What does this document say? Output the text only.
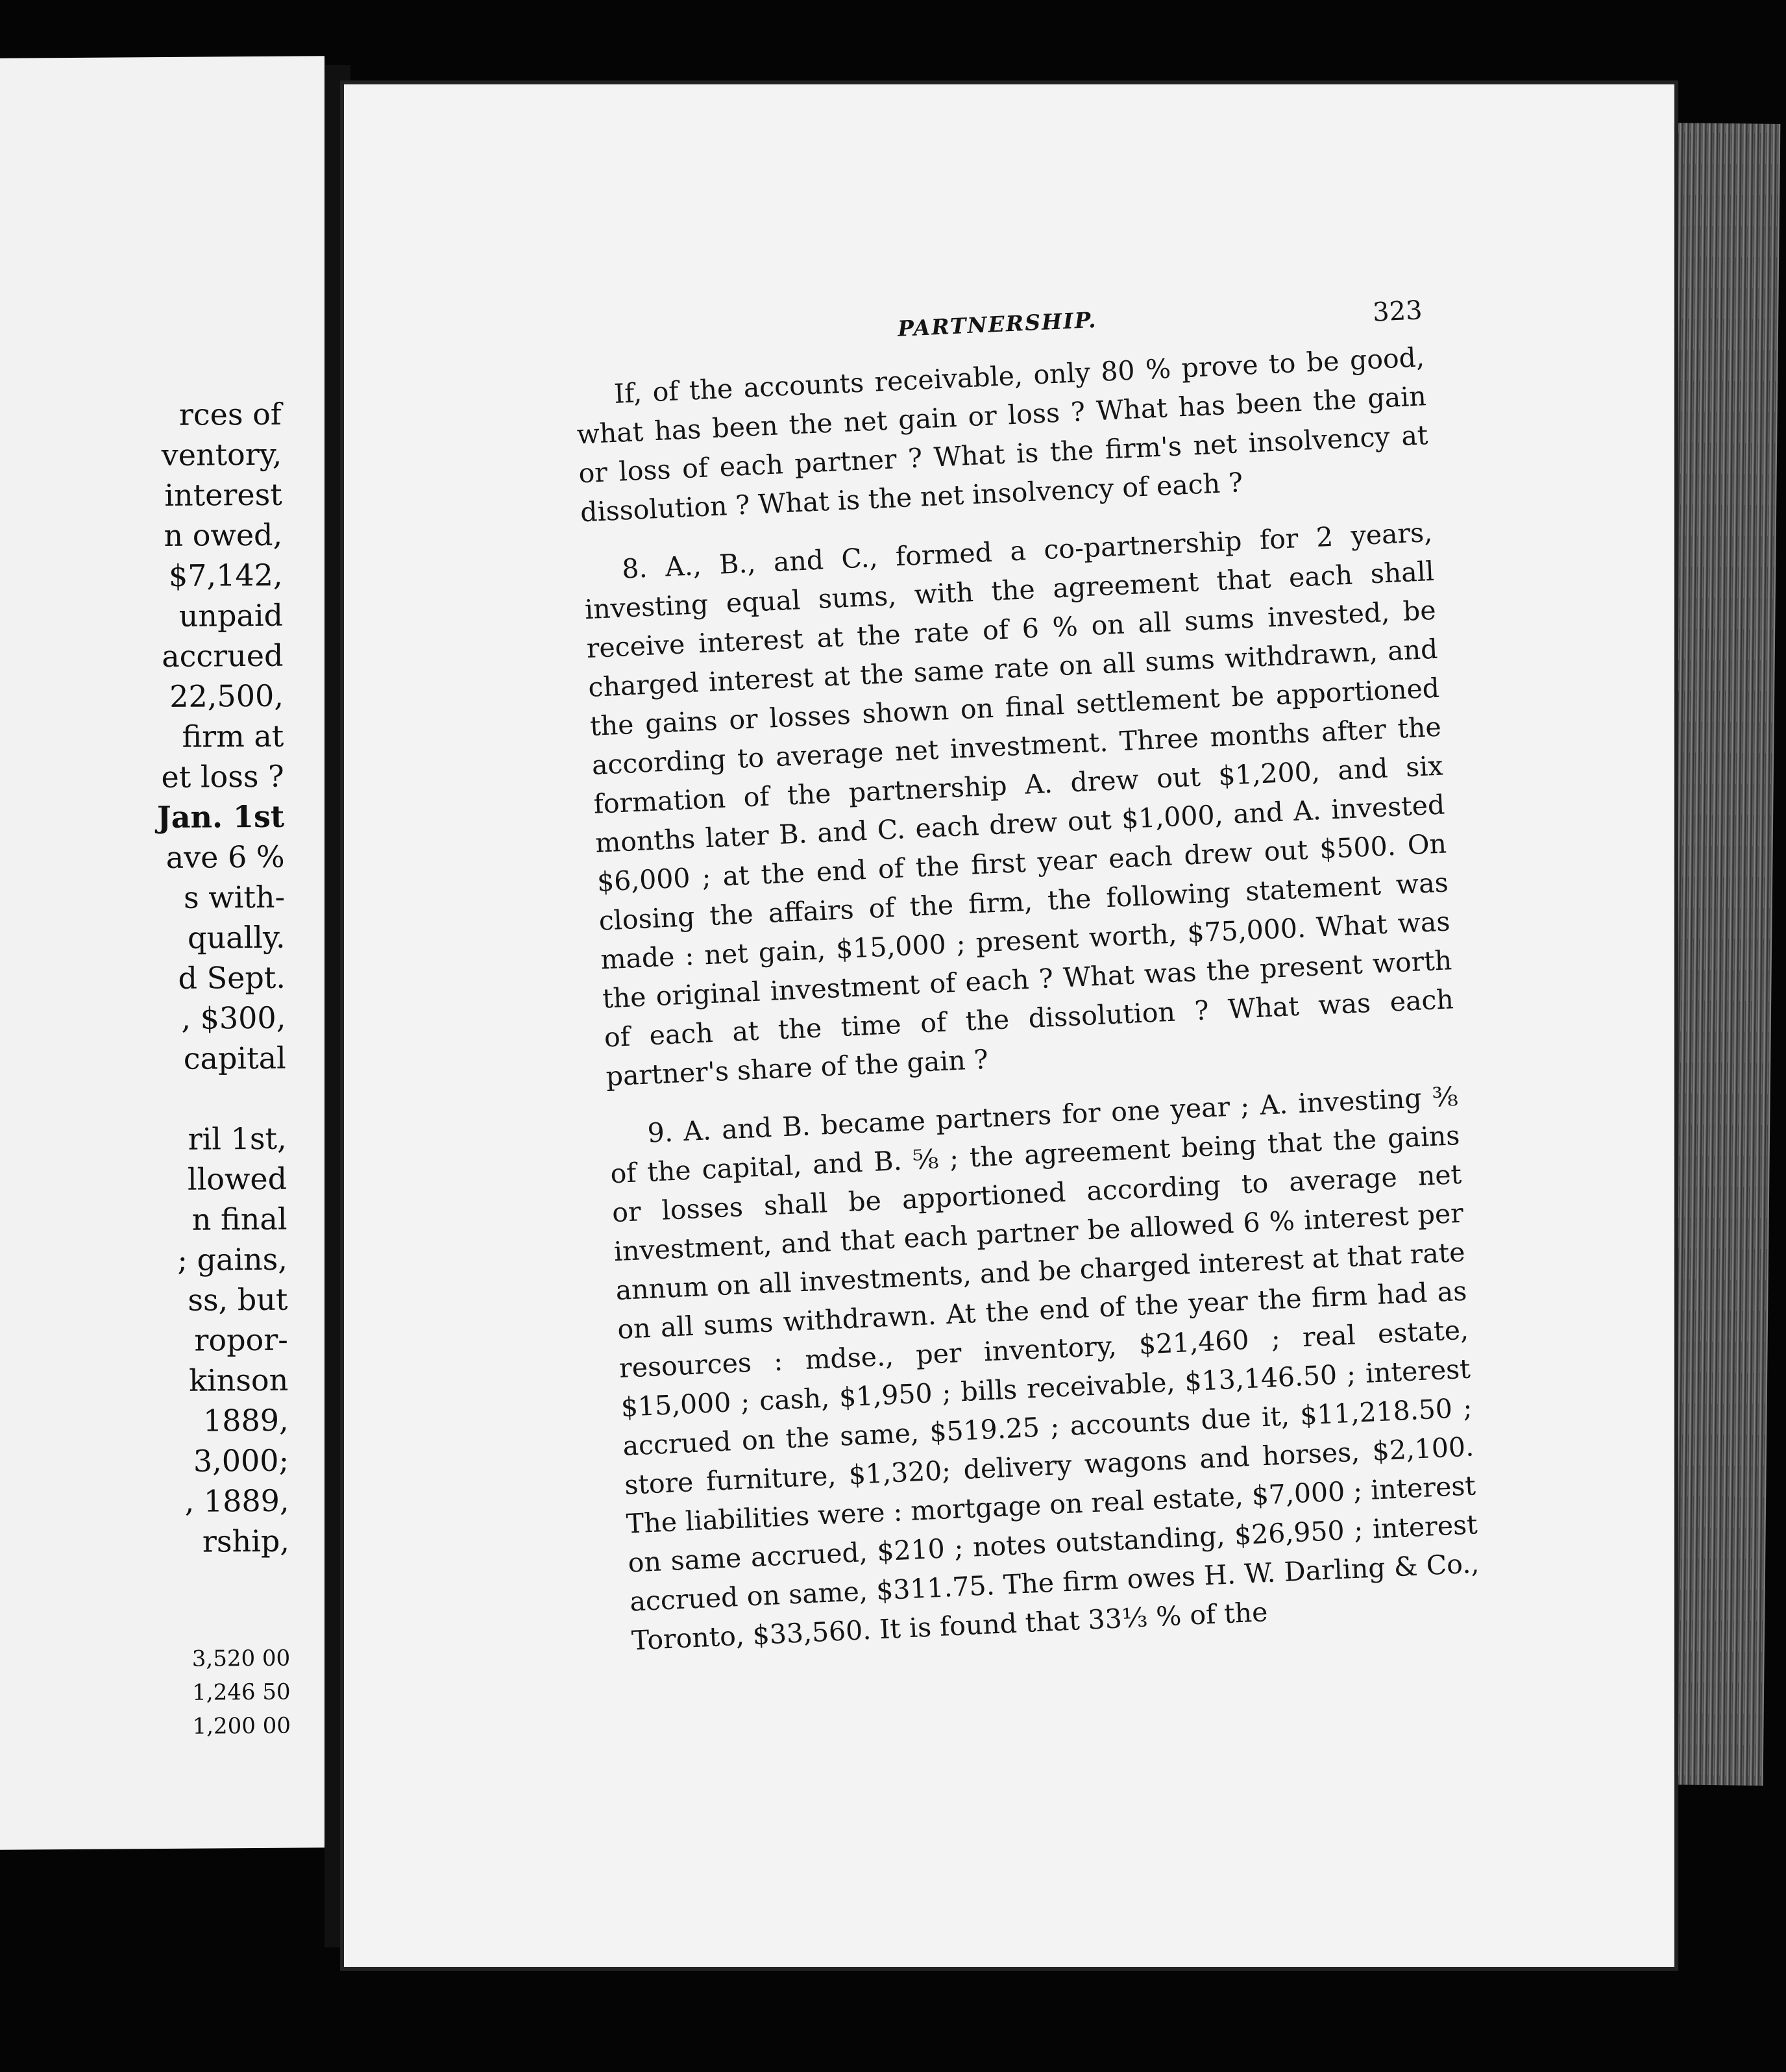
rces of
ventory,
interest
n owed,
$7,142,
unpaid
accrued
22,500,
firm at
et loss ?
Jan. 1st
ave 6 %
s with-
qually.
d Sept.
, $300,
capital
ril 1st,
llowed
n final
; gains,
ss, but
ropor-
kinson
1889,
3,000;
, 1889,
rship,
3,520 00
1,246 50
1,200 00
PARTNERSHIP.	323

If, of the accounts receivable, only 80 % prove to be good, what has been the net gain or loss ? What has been the gain or loss of each partner ? What is the firm's net insolvency at dissolution ? What is the net insolvency of each ?

8. A., B., and C., formed a co-partnership for 2 years, investing equal sums, with the agreement that each shall receive interest at the rate of 6 % on all sums invested, be charged interest at the same rate on all sums withdrawn, and the gains or losses shown on final settlement be apportioned according to average net investment. Three months after the formation of the partnership A. drew out $1,200, and six months later B. and C. each drew out $1,000, and A. invested $6,000 ; at the end of the first year each drew out $500. On closing the affairs of the firm, the following statement was made : net gain, $15,000 ; present worth, $75,000. What was the original investment of each ? What was the present worth of each at the time of the dissolution ? What was each partner's share of the gain ?

9. A. and B. became partners for one year ; A. investing ⅜ of the capital, and B. ⅝ ; the agreement being that the gains or losses shall be apportioned according to average net investment, and that each partner be allowed 6 % interest per annum on all investments, and be charged interest at that rate on all sums withdrawn. At the end of the year the firm had as resources : mdse., per inventory, $21,460 ; real estate, $15,000 ; cash, $1,950 ; bills receivable, $13,146.50 ; interest accrued on the same, $519.25 ; accounts due it, $11,218.50 ; store furniture, $1,320; delivery wagons and horses, $2,100. The liabilities were : mortgage on real estate, $7,000 ; interest on same accrued, $210 ; notes outstanding, $26,950 ; interest accrued on same, $311.75. The firm owes H. W. Darling & Co., Toronto, $33,560. It is found that 33⅓ % of the
